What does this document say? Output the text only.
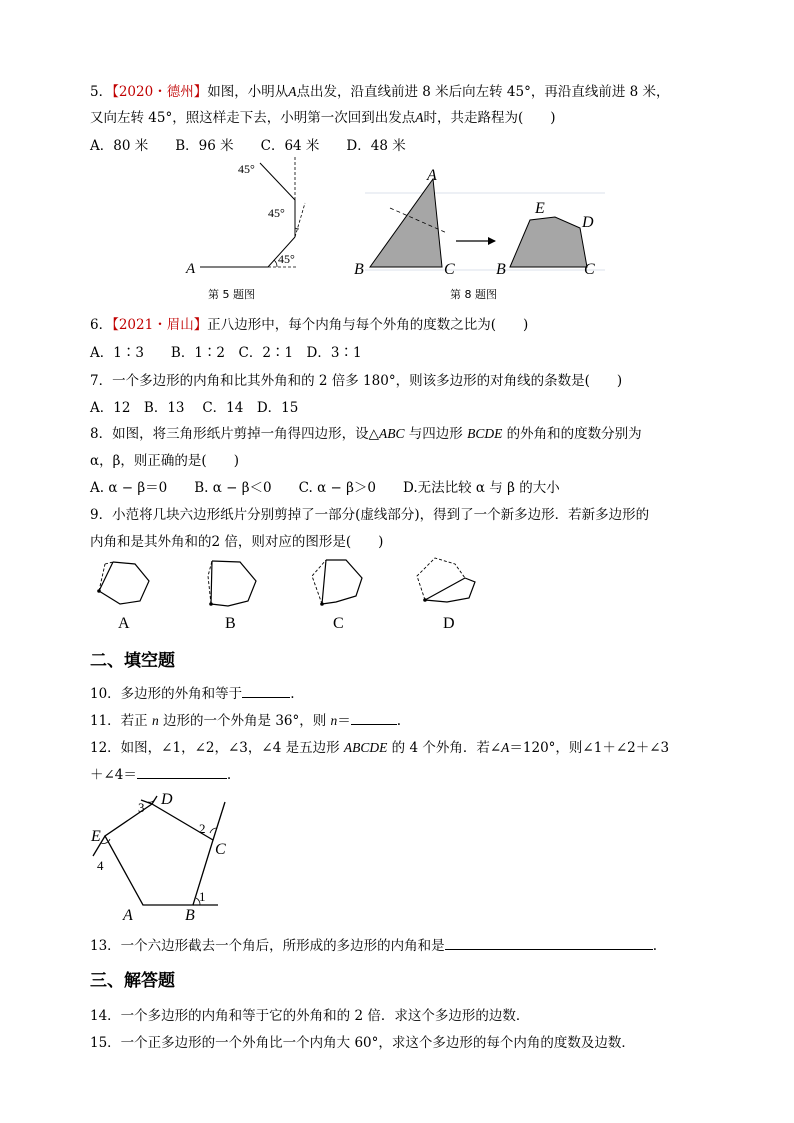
5．【2020・德州】如图，小明从A点出发，沿直线前进 8 米后向左转 45°，再沿直线前进 8 米，
又向左转 45°，照这样走下去，小明第一次回到出发点A时，共走路程为(　　)
A．80 米　　B．96 米　　C．64 米　　D．48 米
A
45°
45°
45°
第 5 题图
A
B	C
E
D
B	C
第 8 题图
6．【2021・眉山】正八边形中，每个内角与每个外角的度数之比为(　　)
A．1∶3　　B．1∶2　C．2∶1　D．3∶1
7．一个多边形的内角和比其外角和的 2 倍多 180°，则该多边形的对角线的条数是(　　)
A．12　B．13　 C．14　D．15
8．如图，将三角形纸片剪掉一角得四边形，设△ABC 与四边形 BCDE 的外角和的度数分别为
α，β，则正确的是(　　)
A. α − β＝0　　B. α − β＜0　　C. α − β＞0　　D.无法比较 α 与 β 的大小
9．小范将几块六边形纸片分别剪掉了一部分(虚线部分)，得到了一个新多边形．若新多边形的
内角和是其外角和的2 倍，则对应的图形是(　　)
A	B	C	D
二、填空题
10．多边形的外角和等于	.
11．若正 n 边形的一个外角是 36°，则 n＝	.
12．如图，∠1，∠2，∠3，∠4 是五边形 ABCDE 的 4 个外角．若∠A＝120°，则∠1＋∠2＋∠3
＋∠4＝	.
A	B
C
D
E
1
2
3
4
13．一个六边形截去一个角后，所形成的多边形的内角和是	.
三、解答题
14．一个多边形的内角和等于它的外角和的 2 倍．求这个多边形的边数．
15．一个正多边形的一个外角比一个内角大 60°，求这个多边形的每个内角的度数及边数．
